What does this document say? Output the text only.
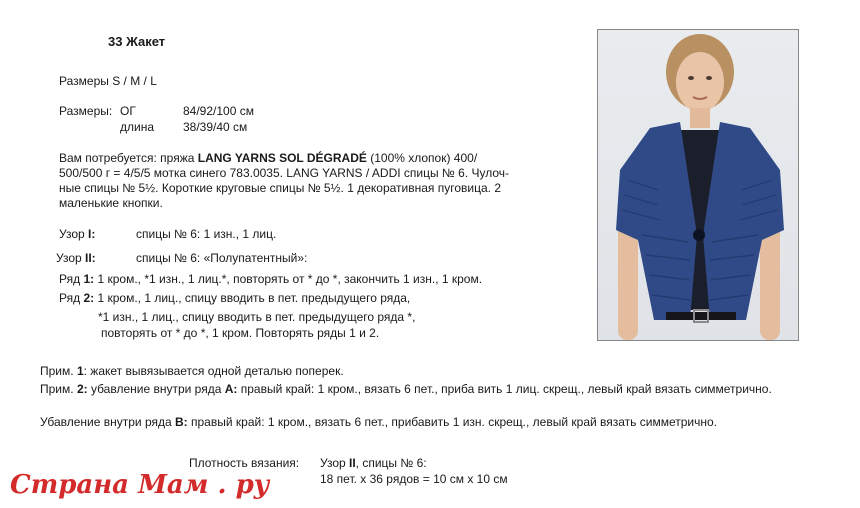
33 Жакет
Размеры S / M / L
Размеры: ОГ	84/92/100 см
длина 38/39/40 см
Вам потребуется: пряжа LANG YARNS SOL DÉGRADÉ (100% хлопок) 400/
500/500 г = 4/5/5 мотка синего 783.0035. LANG YARNS / ADDI спицы № 6. Чулоч-
ные спицы № 5½. Короткие круговые спицы № 5½. 1 декоративная пуговица. 2
маленькие кнопки.
Узор I:	спицы № 6: 1 изн., 1 лиц.
Узор II:	спицы № 6: «Полупатентный»:
Ряд 1: 1 кром., *1 изн., 1 лиц.*, повторять от * до *, закончить 1 изн., 1 кром.
Ряд 2: 1 кром., 1 лиц., спицу вводить в пет. предыдущего ряда,
*1 изн., 1 лиц., спицу вводить в пет. предыдущего ряда *,
повторять от * до *, 1 кром. Повторять ряды 1 и 2.
Прим. 1: жакет вывязывается одной деталью поперек.
Прим. 2: убавление внутри ряда A: правый край: 1 кром., вязать 6 пет., приба вить 1 лиц. скрещ., левый край вязать симметрично.
Убавление внутри ряда B: правый край: 1 кром., вязать 6 пет., прибавить 1 изн. скрещ., левый край вязать симметрично.
Плотность вязания: Узор II, спицы № 6:
18 пет. х 36 рядов = 10 см х 10 см
Страна Мам . ру
